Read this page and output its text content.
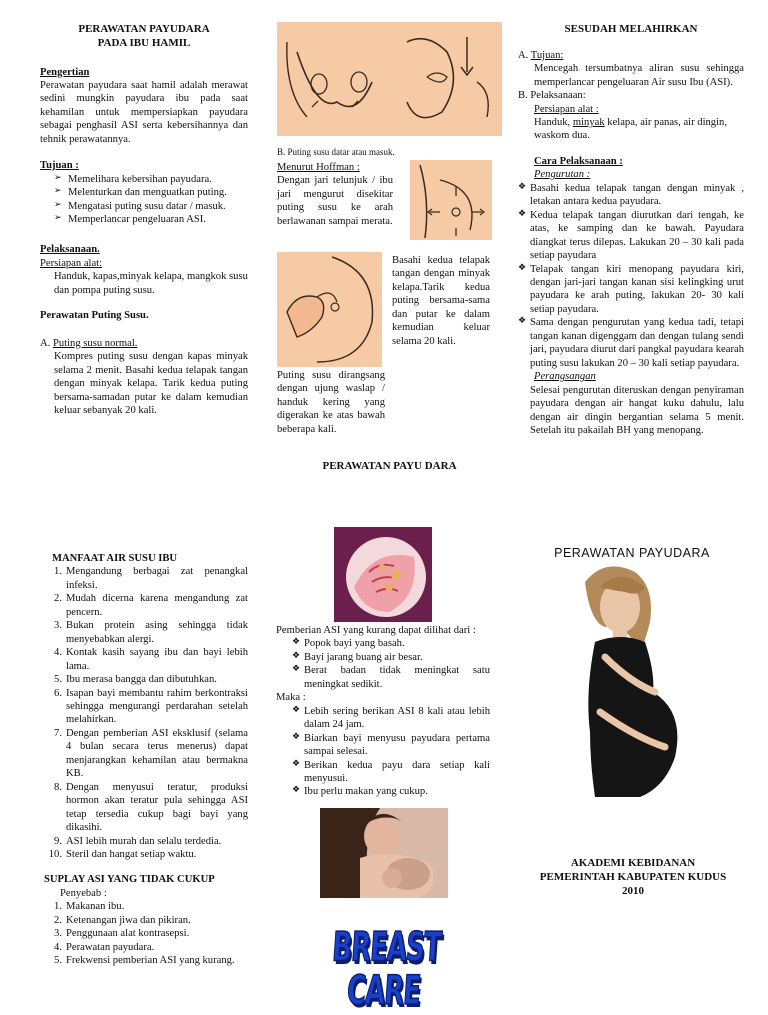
PERAWATAN PAYUDARA
PADA IBU HAMIL
Pengertian

Perawatan payudara saat hamil adalah merawat sedini mungkin payudara ibu pada saat kehamilan untuk mempersiapkan payudara sebagai penghasil ASI serta kebersihannya dan tehnik perawatannya.

Tujuan :
➢ Memelihara kebersihan payudara.
➢ Melenturkan dan menguatkan puting.
➢ Mengatasi puting susu datar / masuk.
➢ Memperlancar pengeluaran ASI.
Pelaksanaan.
Persiapan alat:

Handuk, kapas,minyak kelapa, mangkok susu dan pompa puting susu.

Perawatan Puting Susu.
A. Puting susu normal.

Kompres puting susu dengan kapas minyak selama 2 menit. Basahi kedua telapak tangan dengan minyak kelapa. Tarik kedua puting bersama-samadan putar ke dalam kemudian keluar sebanyak 20 kali.

B. Puting susu datar atau masuk.
Menurut Hoffman :

Dengan jari telunjuk / ibu jari mengurut disekitar puting susu ke arah berlawanan sampai merata.

Basahi kedua telapak tangan dengan minyak kelapa.Tarik kedua puting bersama-sama dan putar ke dalam kemudian keluar selama 20 kali.
Puting susu dirangsang dengan ujung waslap / handuk kering yang digerakan ke atas bawah beberapa kali.
PERAWATAN PAYU DARA
SESUDAH MELAHIRKAN
A. Tujuan:

Mencegah tersumbatnya aliran susu sehingga memperlancar pengeluaran Air susu Ibu (ASI).

B. Pelaksanaan:
Persiapan alat :

Handuk, minyak kelapa, air panas, air dingin, waskom dua.

Cara Pelaksanaan :
Pengurutan :
❖ Basahi kedua telapak tangan dengan minyak , letakan antara kedua payudara.
❖ Kedua telapak tangan diurutkan dari tengah, ke atas, ke samping dan ke bawah. Payudara diangkat terus dilepas. Lakukan 20 – 30 kali pada setiap payudara
❖ Telapak tangan kiri menopang payudara kiri, dengan jari-jari tangan kanan sisi kelingking urut payudara ke arah puting, lakukan 20- 30 kali setiap payudara.
❖ Sama dengan pengurutan yang kedua tadi, tetapi tangan kanan digenggam dan dengan tulang sendi jari, payudara diurut dari pangkal payudara kearah puting susu lakukan 20 – 30 kali setiap payudara.
Perangsangan

Selesai pengurutan diteruskan dengan penyiraman payudara dengan air hangat kuku dahulu, lalu dengan air dingin bergantian selama 5 menit. Setelah itu pakailah BH yang menopang.

MANFAAT AIR SUSU IBU
1. Mengandung berbagai zat penangkal infeksi.
2. Mudah dicerna karena mengandung zat pencern.
3. Bukan protein asing sehingga tidak menyebabkan alergi.
4. Kontak kasih sayang ibu dan bayi lebih lama.
5. Ibu merasa bangga dan dibutuhkan.
6. Isapan bayi membantu rahim berkontraksi sehingga mengurangi perdarahan setelah melahirkan.
7. Dengan pemberian ASI eksklusif (selama 4 bulan secara terus menerus) dapat menjarangkan kehamilan atau bermakna KB.
8. Dengan menyusui teratur, produksi hormon akan teratur pula sehingga ASI tetap tersedia cukup bagi bayi yang dikasihi.
9. ASI lebih murah dan selalu terdedia.
10. Steril dan hangat setiap waktu.
SUPLAY ASI YANG TIDAK CUKUP
Penyebab :
1. Makanan ibu.
2. Ketenangan jiwa dan pikiran.
3. Penggunaan alat kontrasepsi.
4. Perawatan payudara.
5. Frekwensi pemberian ASI yang kurang.
Pemberian ASI yang kurang dapat dilihat dari :
❖ Popok bayi yang basah.
❖ Bayi jarang buang air besar.
❖ Berat badan tidak meningkat satu meningkat sedikit.
Maka :
❖ Lebih sering berikan ASI 8 kali atau lebih dalam 24 jam.
❖ Biarkan bayi menyusu payudara pertama sampai selesai.
❖ Berikan kedua payu dara setiap kali menyusui.
❖ Ibu perlu makan yang cukup.
BREAST CARE
PERAWATAN PAYUDARA
AKADEMI KEBIDANAN
PEMERINTAH KABUPATEN KUDUS
2010
